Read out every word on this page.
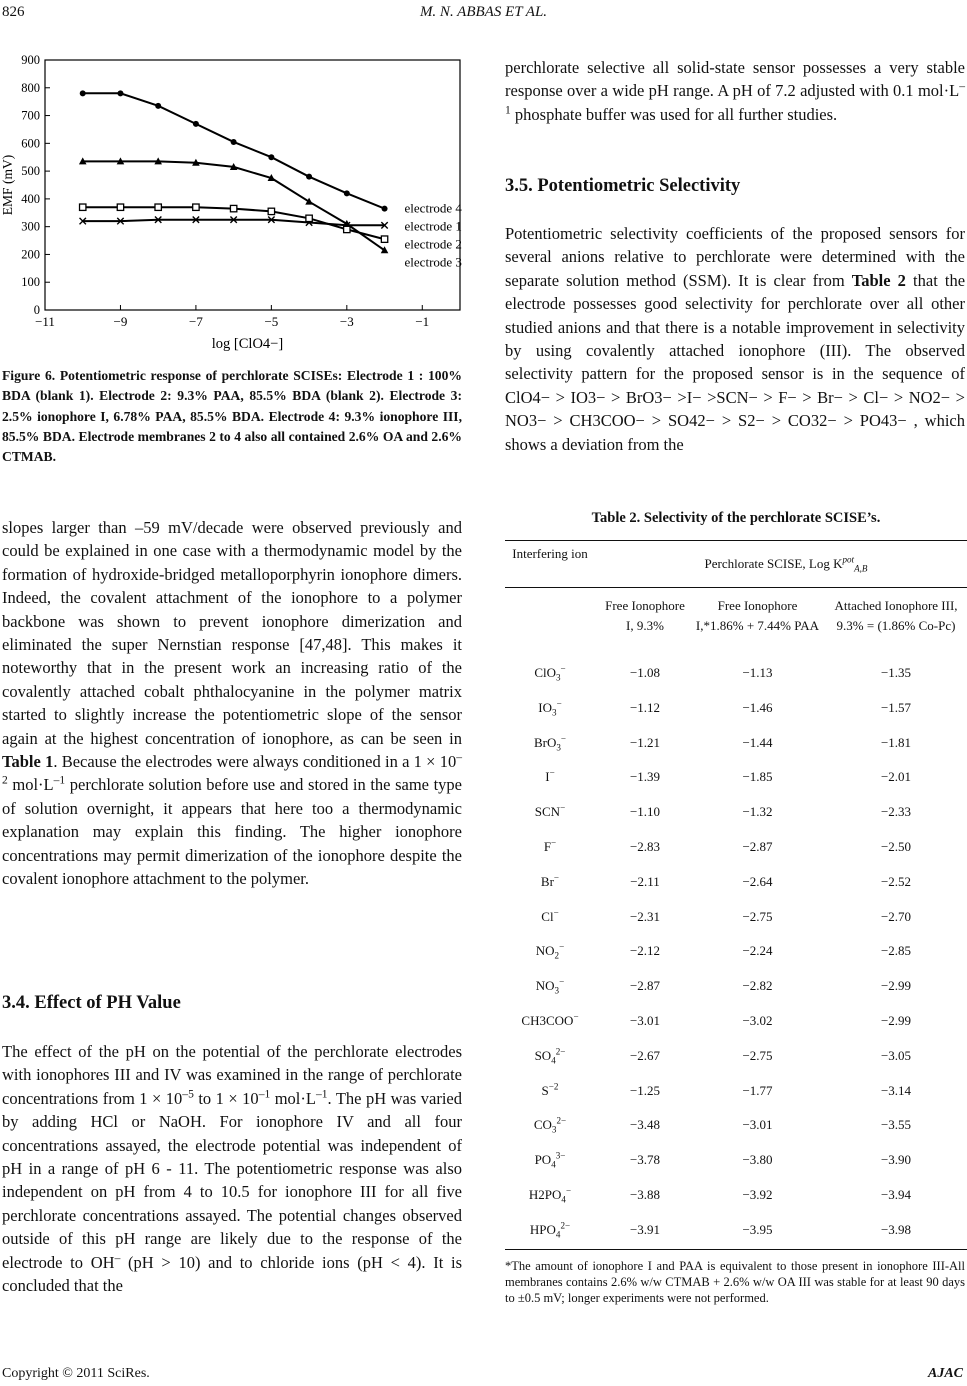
826	M. N. ABBAS ET AL.
0
100
200
300
400
500
600
700
800
900
−11	−9	−7	−5	−3	−1
EMF (mV)
log [ClO4−]
electrode 4
electrode 1
electrode 2
electrode 3
Figure 6. Potentiometric response of perchlorate SCISEs: Electrode 1 : 100% BDA (blank 1). Electrode 2: 9.3% PAA, 85.5% BDA (blank 2). Electrode 3: 2.5% ionophore I, 6.78% PAA, 85.5% BDA. Electrode 4: 9.3% ionophore III, 85.5% BDA. Electrode membranes 2 to 4 also all contained 2.6% OA and 2.6% CTMAB.

slopes larger than –59 mV/decade were observed previously and could be explained in one case with a thermodynamic model by the formation of hydroxide-bridged metalloporphyrin ionophore dimers. Indeed, the covalent attachment of the ionophore to a polymer backbone was shown to prevent ionophore dimerization and eliminated the super Nernstian response [47,48]. This makes it noteworthy that in the present work an increasing ratio of the covalently attached cobalt phthalocyanine in the polymer matrix started to slightly increase the potentiometric slope of the sensor again at the highest concentration of ionophore, as can be seen in Table 1. Because the electrodes were always conditioned in a $1 \times 10^{-2}$ $mol\cdot L^{-1}$ perchlorate solution before use and stored in the same type of solution overnight, it appears that here too a thermodynamic explanation may explain this finding. The higher ionophore concentrations may permit dimerization of the ionophore despite the covalent ionophore attachment to the polymer.

3.4. Effect of PH Value

The effect of the pH on the potential of the perchlorate electrodes with ionophores III and IV was examined in the range of perchlorate concentrations from $1 \times 10^{-5}$ to $1 \times 10^{-1}$ $mol\cdot L^{-1}$. The pH was varied by adding HCl or NaOH. For ionophore IV and all four concentrations assayed, the electrode potential was independent of pH in a range of pH 6 - 11. The potentiometric response was also independent on pH from 4 to 10.5 for ionophore III for all five perchlorate concentrations assayed. The potential changes observed outside of this pH range are likely due to the response of the electrode to OH– (pH > 10) and to chloride ions (pH < 4). It is concluded that the

perchlorate selective all solid-state sensor possesses a very stable response over a wide pH range. A pH of 7.2 adjusted with 0.1 $mol\cdot L^{-1}$ phosphate buffer was used for all further studies.

3.5. Potentiometric Selectivity

Potentiometric selectivity coefficients of the proposed sensors for several anions relative to perchlorate were determined with the separate solution method (SSM). It is clear from Table 2 that the electrode possesses good selectivity for perchlorate over all other studied anions and that there is a notable improvement in selectivity by using covalently attached ionophore (III). The observed selectivity pattern for the proposed sensor is in the sequence of ClO4− > IO3− > BrO3− >I− >SCN− > F− > Br− > Cl− > NO2− > NO3− > CH3COO− > SO42− > S2− > CO32− > PO43− , which shows a deviation from the

Table 2. Selectivity of the perchlorate SCISE’s.
Interfering ion
Perchlorate SCISE, Log $K^{pot}_{A,B}$
Free Ionophore I, 9.3%
Free Ionophore I,*1.86% + 7.44% PAA
Attached Ionophore III, 9.3% = (1.86% Co-Pc)
ClO$_3$−	−1.08	−1.13	−1.35
$IO_3^-$	−1.12	−1.46	−1.57
BrO$_3$−	−1.21	−1.44	−1.81
I−	−1.39	−1.85	−2.01
SCN−	−1.10	−1.32	−2.33
F−	−2.83	−2.87	−2.50
Br−	−2.11	−2.64	−2.52
Cl−	−2.31	−2.75	−2.70
$NO_2^-$	−2.12	−2.24	−2.85
$NO_3^-$	−2.87	−2.82	−2.99
CH3COO−	−3.01	−3.02	−2.99
$SO_4^{2-}$	−2.67	−2.75	−3.05
$S^{-2}$	−1.25	−1.77	−3.14
$CO_3^{2-}$	−3.48	−3.01	−3.55
$PO_4^{3-}$	−3.78	−3.80	−3.90
$H2PO_4^-$	−3.88	−3.92	−3.94
$HPO_4^{2-}$	−3.91	−3.95	−3.98
*The amount of ionophore I and PAA is equivalent to those present in ionophore III-All membranes contains 2.6% w/w CTMAB + 2.6% w/w OA III was stable for at least 90 days to ±0.5 mV; longer experiments were not performed.
Copyright © 2011 SciRes.	AJAC
